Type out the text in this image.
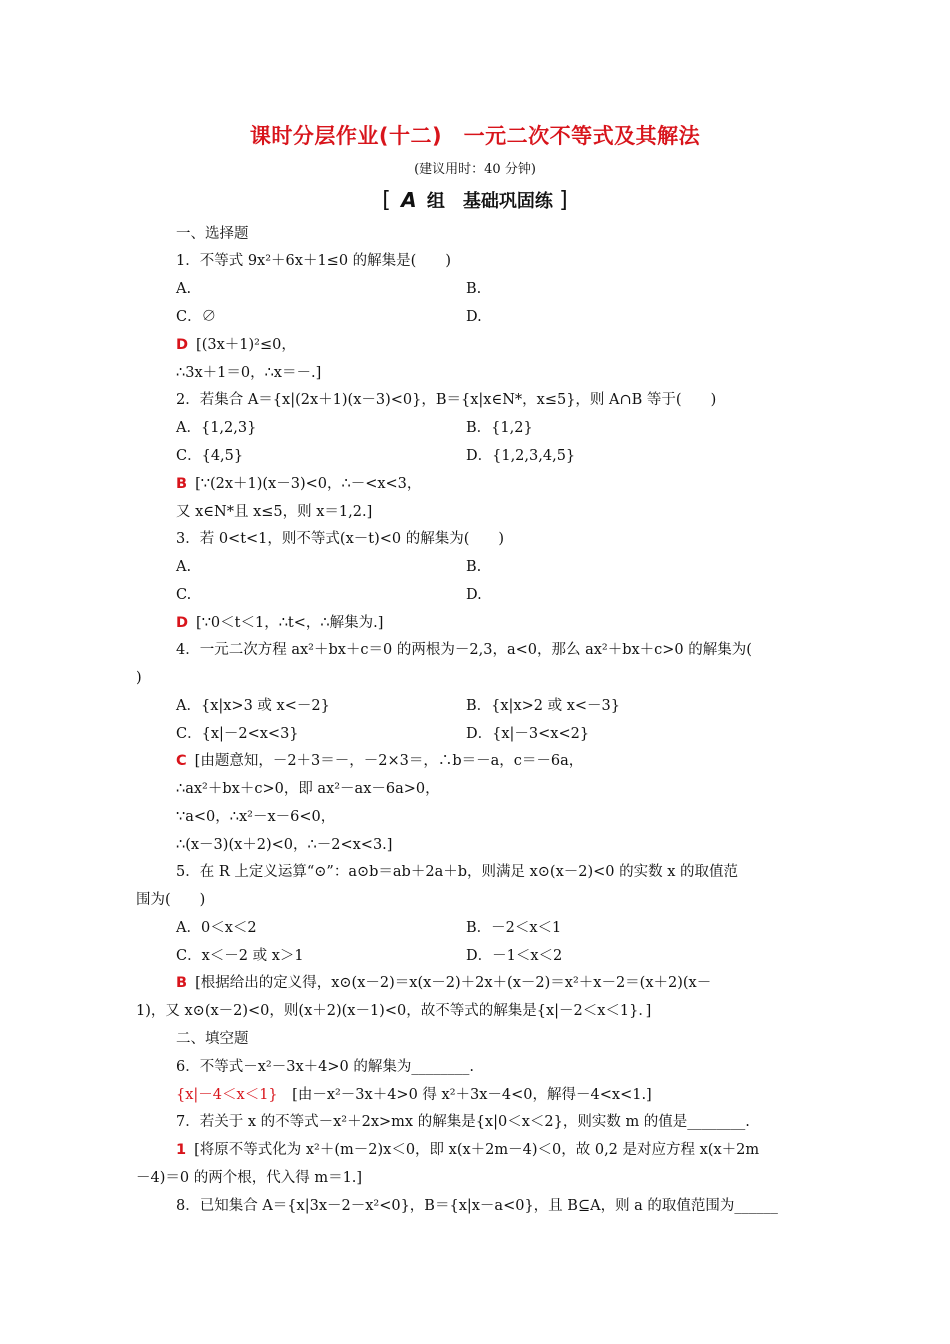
课时分层作业(十二)　一元二次不等式及其解法
(建议用时：40 分钟)
[ A 组　基础巩固练 ]
一、选择题
1．不等式 9x²＋6x＋1≤0 的解集是(　　)
A.	B.
C．∅	D.
D [(3x＋1)²≤0，
∴3x＋1＝0，∴x＝－.]
2．若集合 A＝{x|(2x＋1)(x－3)<0}，B＝{x|x∈N*，x≤5}，则 A∩B 等于(　　)
A．{1,2,3}	B．{1,2}
C．{4,5}	D．{1,2,3,4,5}
B [∵(2x＋1)(x－3)<0，∴－<x<3，
又 x∈N*且 x≤5，则 x＝1,2.]
3．若 0<t<1，则不等式(x－t)<0 的解集为(　　)
A.	B.
C.	D.
D [∵0＜t＜1，∴t<，∴解集为.]
4．一元二次方程 ax²＋bx＋c＝0 的两根为－2,3，a<0，那么 ax²＋bx＋c>0 的解集为(
)
A．{x|x>3 或 x<－2}	B．{x|x>2 或 x<－3}
C．{x|－2<x<3}	D．{x|－3<x<2}
C [由题意知，－2＋3＝－，－2×3＝，∴b＝－a，c＝－6a，
∴ax²＋bx＋c>0，即 ax²－ax－6a>0，
∵a<0，∴x²－x－6<0，
∴(x－3)(x＋2)<0，∴－2<x<3.]
5．在 R 上定义运算“⊙”：a⊙b＝ab＋2a＋b，则满足 x⊙(x－2)<0 的实数 x 的取值范
围为(　　)
A．0＜x＜2	B．－2＜x＜1
C．x＜－2 或 x＞1	D．－1＜x＜2
B [根据给出的定义得，x⊙(x－2)＝x(x－2)＋2x＋(x－2)＝x²＋x－2＝(x＋2)(x－
1)，又 x⊙(x－2)<0，则(x＋2)(x－1)<0，故不等式的解集是{x|－2＜x＜1}．]
二、填空题
6．不等式－x²－3x＋4>0 的解集为________.
{x|－4＜x＜1}　[由－x²－3x＋4>0 得 x²＋3x－4<0，解得－4<x<1.]
7．若关于 x 的不等式－x²＋2x>mx 的解集是{x|0＜x＜2}，则实数 m 的值是________.
1 [将原不等式化为 x²＋(m－2)x＜0，即 x(x＋2m－4)＜0，故 0,2 是对应方程 x(x＋2m
－4)＝0 的两个根，代入得 m＝1.]
8．已知集合 A＝{x|3x－2－x²<0}，B＝{x|x－a<0}，且 B⊆A，则 a 的取值范围为______
